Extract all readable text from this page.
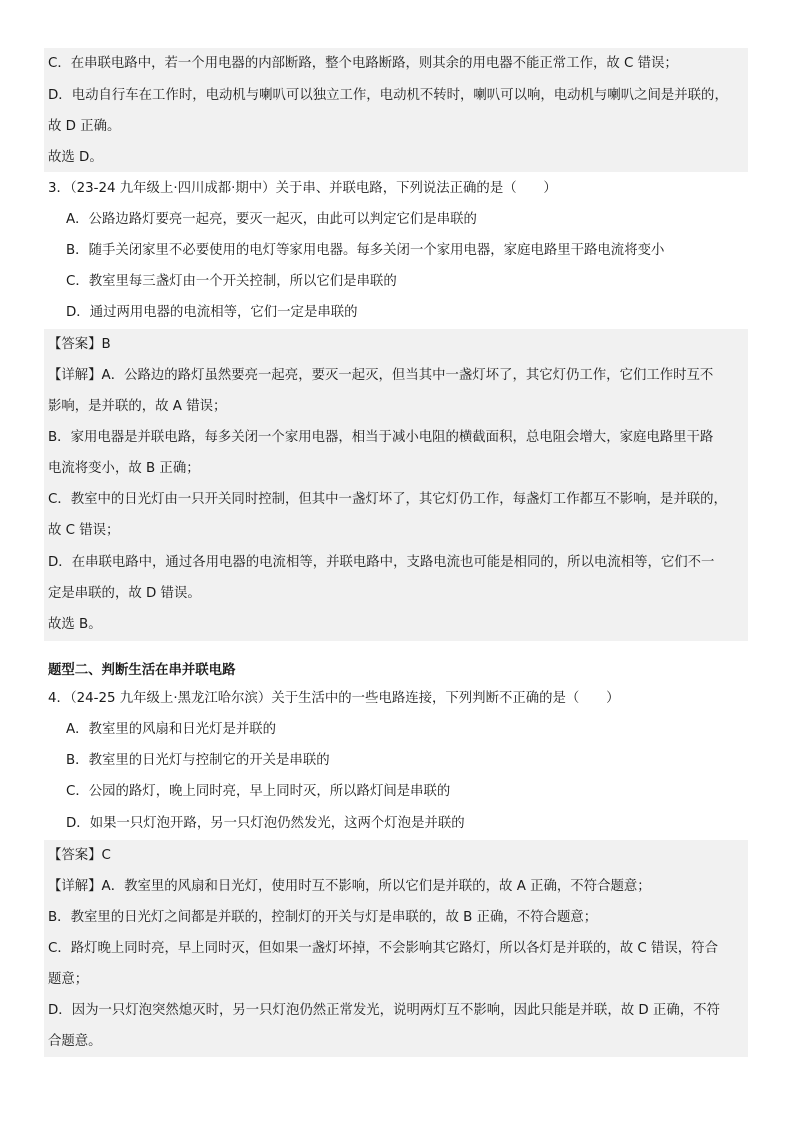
C．在串联电路中，若一个用电器的内部断路，整个电路断路，则其余的用电器不能正常工作，故 C 错误；
D．电动自行车在工作时，电动机与喇叭可以独立工作，电动机不转时，喇叭可以响，电动机与喇叭之间是并联的，
故 D 正确。
故选 D。
3．（23-24 九年级上·四川成都·期中）关于串、并联电路，下列说法正确的是（　　）
A．公路边路灯要亮一起亮，要灭一起灭，由此可以判定它们是串联的
B．随手关闭家里不必要使用的电灯等家用电器。每多关闭一个家用电器，家庭电路里干路电流将变小
C．教室里每三盏灯由一个开关控制，所以它们是串联的
D．通过两用电器的电流相等，它们一定是串联的
【答案】B
【详解】A．公路边的路灯虽然要亮一起亮，要灭一起灭，但当其中一盏灯坏了，其它灯仍工作，它们工作时互不
影响，是并联的，故 A 错误；
B．家用电器是并联电路，每多关闭一个家用电器，相当于减小电阻的横截面积，总电阻会增大，家庭电路里干路
电流将变小，故 B 正确；
C．教室中的日光灯由一只开关同时控制，但其中一盏灯坏了，其它灯仍工作，每盏灯工作都互不影响，是并联的，
故 C 错误；
D．在串联电路中，通过各用电器的电流相等，并联电路中，支路电流也可能是相同的，所以电流相等，它们不一
定是串联的，故 D 错误。
故选 B。
题型二、判断生活在串并联电路
4．（24-25 九年级上·黑龙江哈尔滨）关于生活中的一些电路连接，下列判断不正确的是（　　）
A．教室里的风扇和日光灯是并联的
B．教室里的日光灯与控制它的开关是串联的
C．公园的路灯，晚上同时亮，早上同时灭，所以路灯间是串联的
D．如果一只灯泡开路，另一只灯泡仍然发光，这两个灯泡是并联的
【答案】C
【详解】A．教室里的风扇和日光灯，使用时互不影响，所以它们是并联的，故 A 正确，不符合题意；
B．教室里的日光灯之间都是并联的，控制灯的开关与灯是串联的，故 B 正确，不符合题意；
C．路灯晚上同时亮，早上同时灭，但如果一盏灯坏掉，不会影响其它路灯，所以各灯是并联的，故 C 错误，符合
题意；
D．因为一只灯泡突然熄灭时，另一只灯泡仍然正常发光，说明两灯互不影响，因此只能是并联，故 D 正确，不符
合题意。
